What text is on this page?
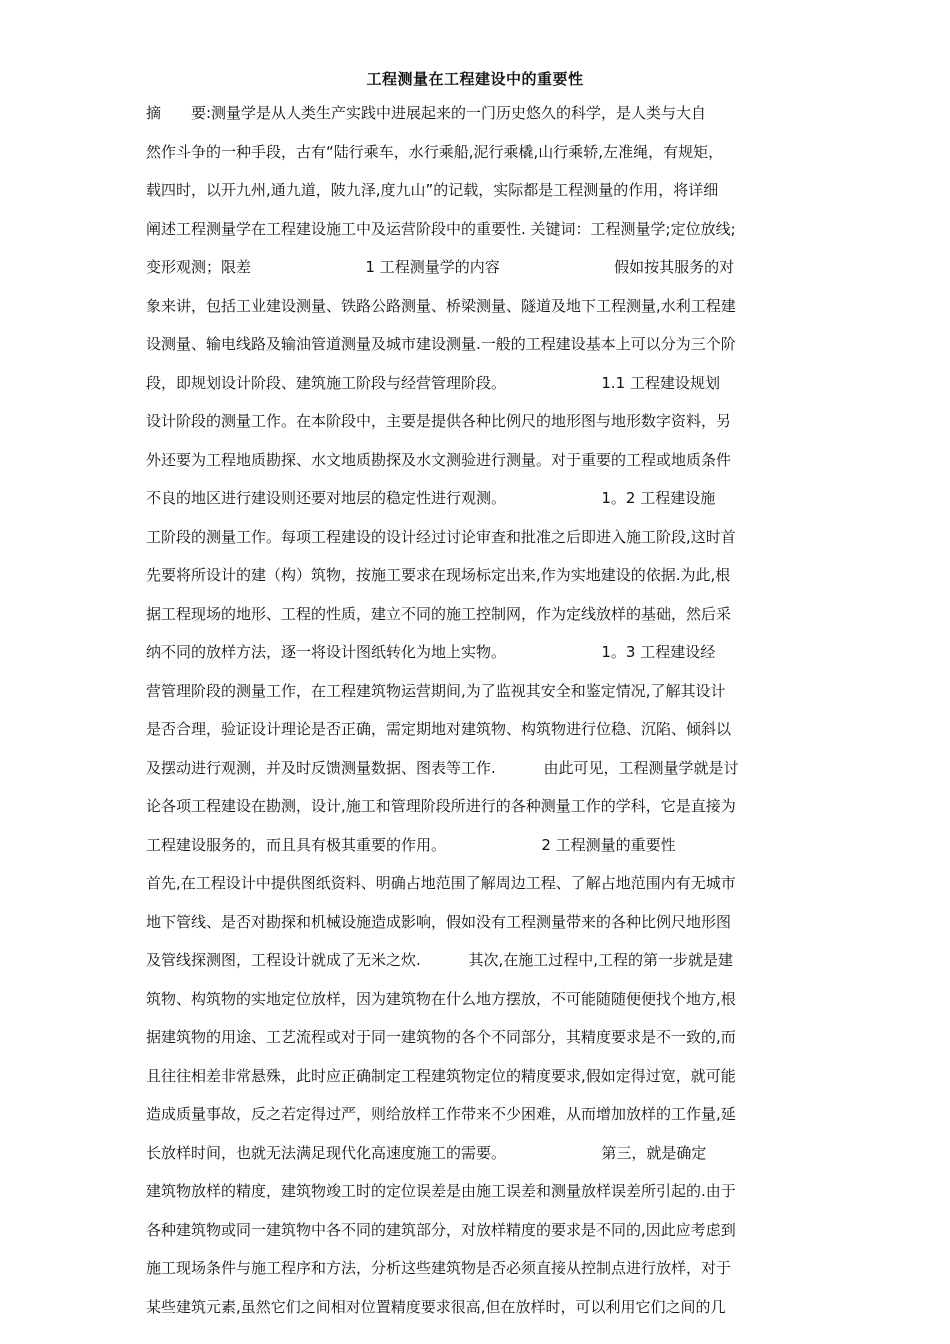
工程测量在工程建设中的重要性
摘　　要:测量学是从人类生产实践中进展起来的一门历史悠久的科学，是人类与大自
然作斗争的一种手段，古有“陆行乘车，水行乘船,泥行乘橇,山行乘轿,左准绳，有规矩，
载四时，以开九州,通九道，陂九泽,度九山”的记载，实际都是工程测量的作用，将详细
阐述工程测量学在工程建设施工中及运营阶段中的重要性. 关键词：工程测量学;定位放线;
变形观测；限差                        1 工程测量学的内容                        假如按其服务的对
象来讲，包括工业建设测量、铁路公路测量、桥梁测量、隧道及地下工程测量,水利工程建
设测量、输电线路及输油管道测量及城市建设测量.一般的工程建设基本上可以分为三个阶
段，即规划设计阶段、建筑施工阶段与经营管理阶段。                    1.1 工程建设规划
设计阶段的测量工作。在本阶段中，主要是提供各种比例尺的地形图与地形数字资料，另
外还要为工程地质勘探、水文地质勘探及水文测验进行测量。对于重要的工程或地质条件
不良的地区进行建设则还要对地层的稳定性进行观测。                    1。2 工程建设施
工阶段的测量工作。每项工程建设的设计经过讨论审查和批准之后即进入施工阶段,这时首
先要将所设计的建（构）筑物，按施工要求在现场标定出来,作为实地建设的依据.为此,根
据工程现场的地形、工程的性质，建立不同的施工控制网，作为定线放样的基础，然后采
纳不同的放样方法，逐一将设计图纸转化为地上实物。                    1。3 工程建设经
营管理阶段的测量工作，在工程建筑物运营期间,为了监视其安全和鉴定情况,了解其设计
是否合理，验证设计理论是否正确，需定期地对建筑物、构筑物进行位稳、沉陷、倾斜以
及摆动进行观测，并及时反馈测量数据、图表等工作.          由此可见，工程测量学就是讨
论各项工程建设在勘测，设计,施工和管理阶段所进行的各种测量工作的学科，它是直接为
工程建设服务的，而且具有极其重要的作用。                    2 工程测量的重要性
首先,在工程设计中提供图纸资料、明确占地范围了解周边工程、了解占地范围内有无城市
地下管线、是否对勘探和机械设施造成影响，假如没有工程测量带来的各种比例尺地形图
及管线探测图，工程设计就成了无米之炊.          其次,在施工过程中,工程的第一步就是建
筑物、构筑物的实地定位放样，因为建筑物在什么地方摆放，不可能随随便便找个地方,根
据建筑物的用途、工艺流程或对于同一建筑物的各个不同部分，其精度要求是不一致的,而
且往往相差非常悬殊，此时应正确制定工程建筑物定位的精度要求,假如定得过宽，就可能
造成质量事故，反之若定得过严，则给放样工作带来不少困难，从而增加放样的工作量,延
长放样时间，也就无法满足现代化高速度施工的需要。                    第三，就是确定
建筑物放样的精度，建筑物竣工时的定位误差是由施工误差和测量放样误差所引起的.由于
各种建筑物或同一建筑物中各不同的建筑部分，对放样精度的要求是不同的,因此应考虑到
施工现场条件与施工程序和方法，分析这些建筑物是否必须直接从控制点进行放样，对于
某些建筑元素,虽然它们之间相对位置精度要求很高,但在放样时，可以利用它们之间的几
